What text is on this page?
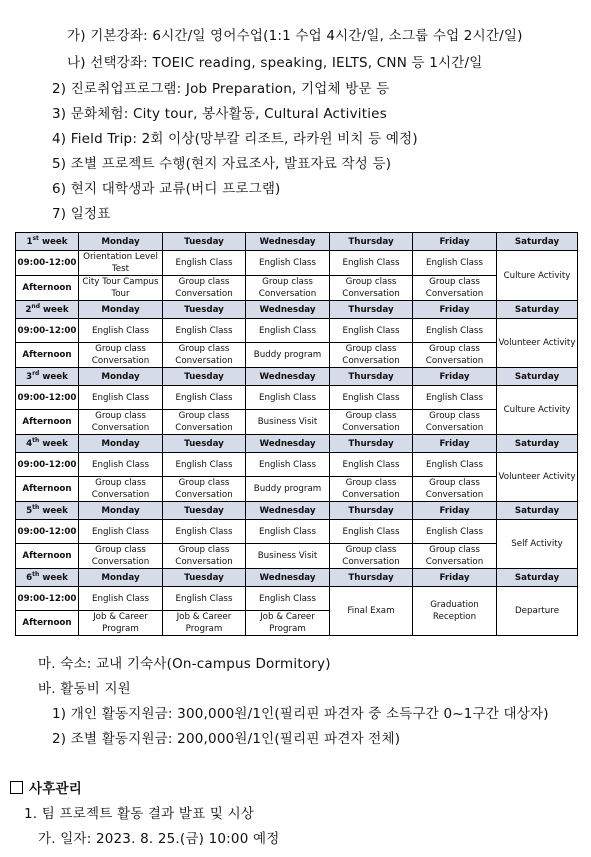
가) 기본강좌: 6시간/일 영어수업(1:1 수업 4시간/일, 소그룹 수업 2시간/일)
나) 선택강좌: TOEIC reading, speaking, IELTS, CNN 등 1시간/일
2) 진로취업프로그램: Job Preparation, 기업체 방문 등
3) 문화체험: City tour, 봉사활동, Cultural Activities
4) Field Trip: 2회 이상(망부칼 리조트, 라카윈 비치 등 예정)
5) 조별 프로젝트 수행(현지 자료조사, 발표자료 작성 등)
6) 현지 대학생과 교류(버디 프로그램)
7) 일정표
1st week	Monday	Tuesday	Wednesday	Thursday	Friday	Saturday
09:00-12:00	Orientation Level Test	English Class	English Class	English Class	English Class	Culture Activity
Afternoon	City Tour Campus Tour	Group class Conversation	Group class Conversation	Group class Conversation	Group class Conversation	
2nd week	Monday	Tuesday	Wednesday	Thursday	Friday	Saturday
09:00-12:00	English Class	English Class	English Class	English Class	English Class	Volunteer Activity
Afternoon	Group class Conversation	Group class Conversation	Buddy program	Group class Conversation	Group class Conversation	
3rd week	Monday	Tuesday	Wednesday	Thursday	Friday	Saturday
09:00-12:00	English Class	English Class	English Class	English Class	English Class	Culture Activity
Afternoon	Group class Conversation	Group class Conversation	Business Visit	Group class Conversation	Group class Conversation	
4th week	Monday	Tuesday	Wednesday	Thursday	Friday	Saturday
09:00-12:00	English Class	English Class	English Class	English Class	English Class	Volunteer Activity
Afternoon	Group class Conversation	Group class Conversation	Buddy program	Group class Conversation	Group class Conversation	
5th week	Monday	Tuesday	Wednesday	Thursday	Friday	Saturday
09:00-12:00	English Class	English Class	English Class	English Class	English Class	Self Activity
Afternoon	Group class Conversation	Group class Conversation	Business Visit	Group class Conversation	Group class Conversation	
6th week	Monday	Tuesday	Wednesday	Thursday	Friday	Saturday
09:00-12:00	English Class	English Class	English Class	Final Exam	Graduation Reception	Departure
Afternoon	Job & Career Program	Job & Career Program	Job & Career Program			
마. 숙소: 교내 기숙사(On-campus Dormitory)
바. 활동비 지원
1) 개인 활동지원금: 300,000원/1인(필리핀 파견자 중 소득구간 0~1구간 대상자)
2) 조별 활동지원금: 200,000원/1인(필리핀 파견자 전체)
사후관리
1. 팀 프로젝트 활동 결과 발표 및 시상
가. 일자: 2023. 8. 25.(금) 10:00 예정
